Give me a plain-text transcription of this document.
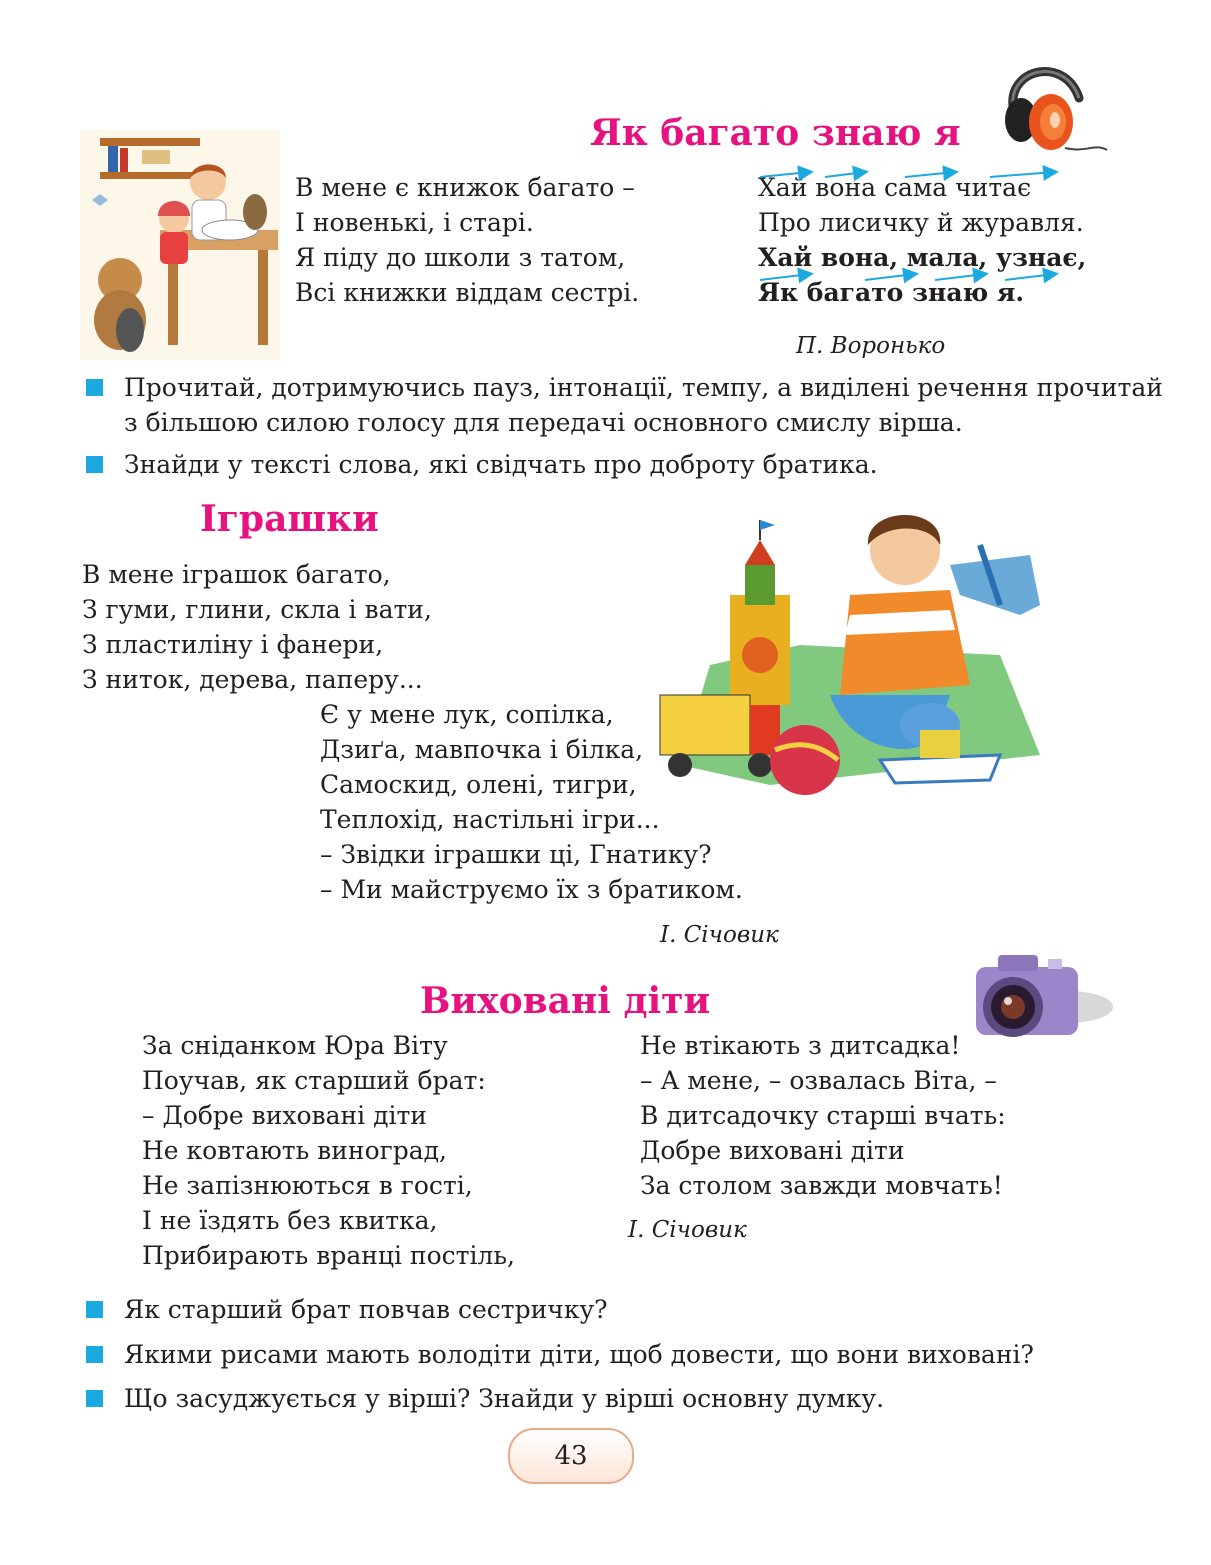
Як багато знаю я
В мене є книжок багато –
І новенькі, і старі.
Я піду до школи з татом,
Всі книжки віддам сестрі.
Хай вона сама читає
Про лисичку й журавля.
Хай вона, мала, узнає,
Як багато знаю я.
П. Воронько
Прочитай, дотримуючись пауз, інтонації, темпу, а виділені речення прочитай
з більшою силою голосу для передачі основного смислу вірша.
Знайди у тексті слова, які свідчать про доброту братика.
Іграшки
В мене іграшок багато,
З гуми, глини, скла і вати,
З пластиліну і фанери,
З ниток, дерева, паперу...
Є у мене лук, сопілка,
Дзиґа, мавпочка і білка,
Самоскид, олені, тигри,
Теплохід, настільні ігри...
– Звідки іграшки ці, Гнатику?
– Ми майструємо їх з братиком.
І. Січовик
Виховані діти
За сніданком Юра Віту
Поучав, як старший брат:
– Добре виховані діти
Не ковтають виноград,
Не запізнюються в гості,
І не їздять без квитка,
Прибирають вранці постіль,
Не втікають з дитсадка!
– А мене, – озвалась Віта, –
В дитсадочку старші вчать:
Добре виховані діти
За столом завжди мовчать!
І. Січовик
Як старший брат повчав сестричку?
Якими рисами мають володіти діти, щоб довести, що вони виховані?
Що засуджується у вірші? Знайди у вірші основну думку.
43
